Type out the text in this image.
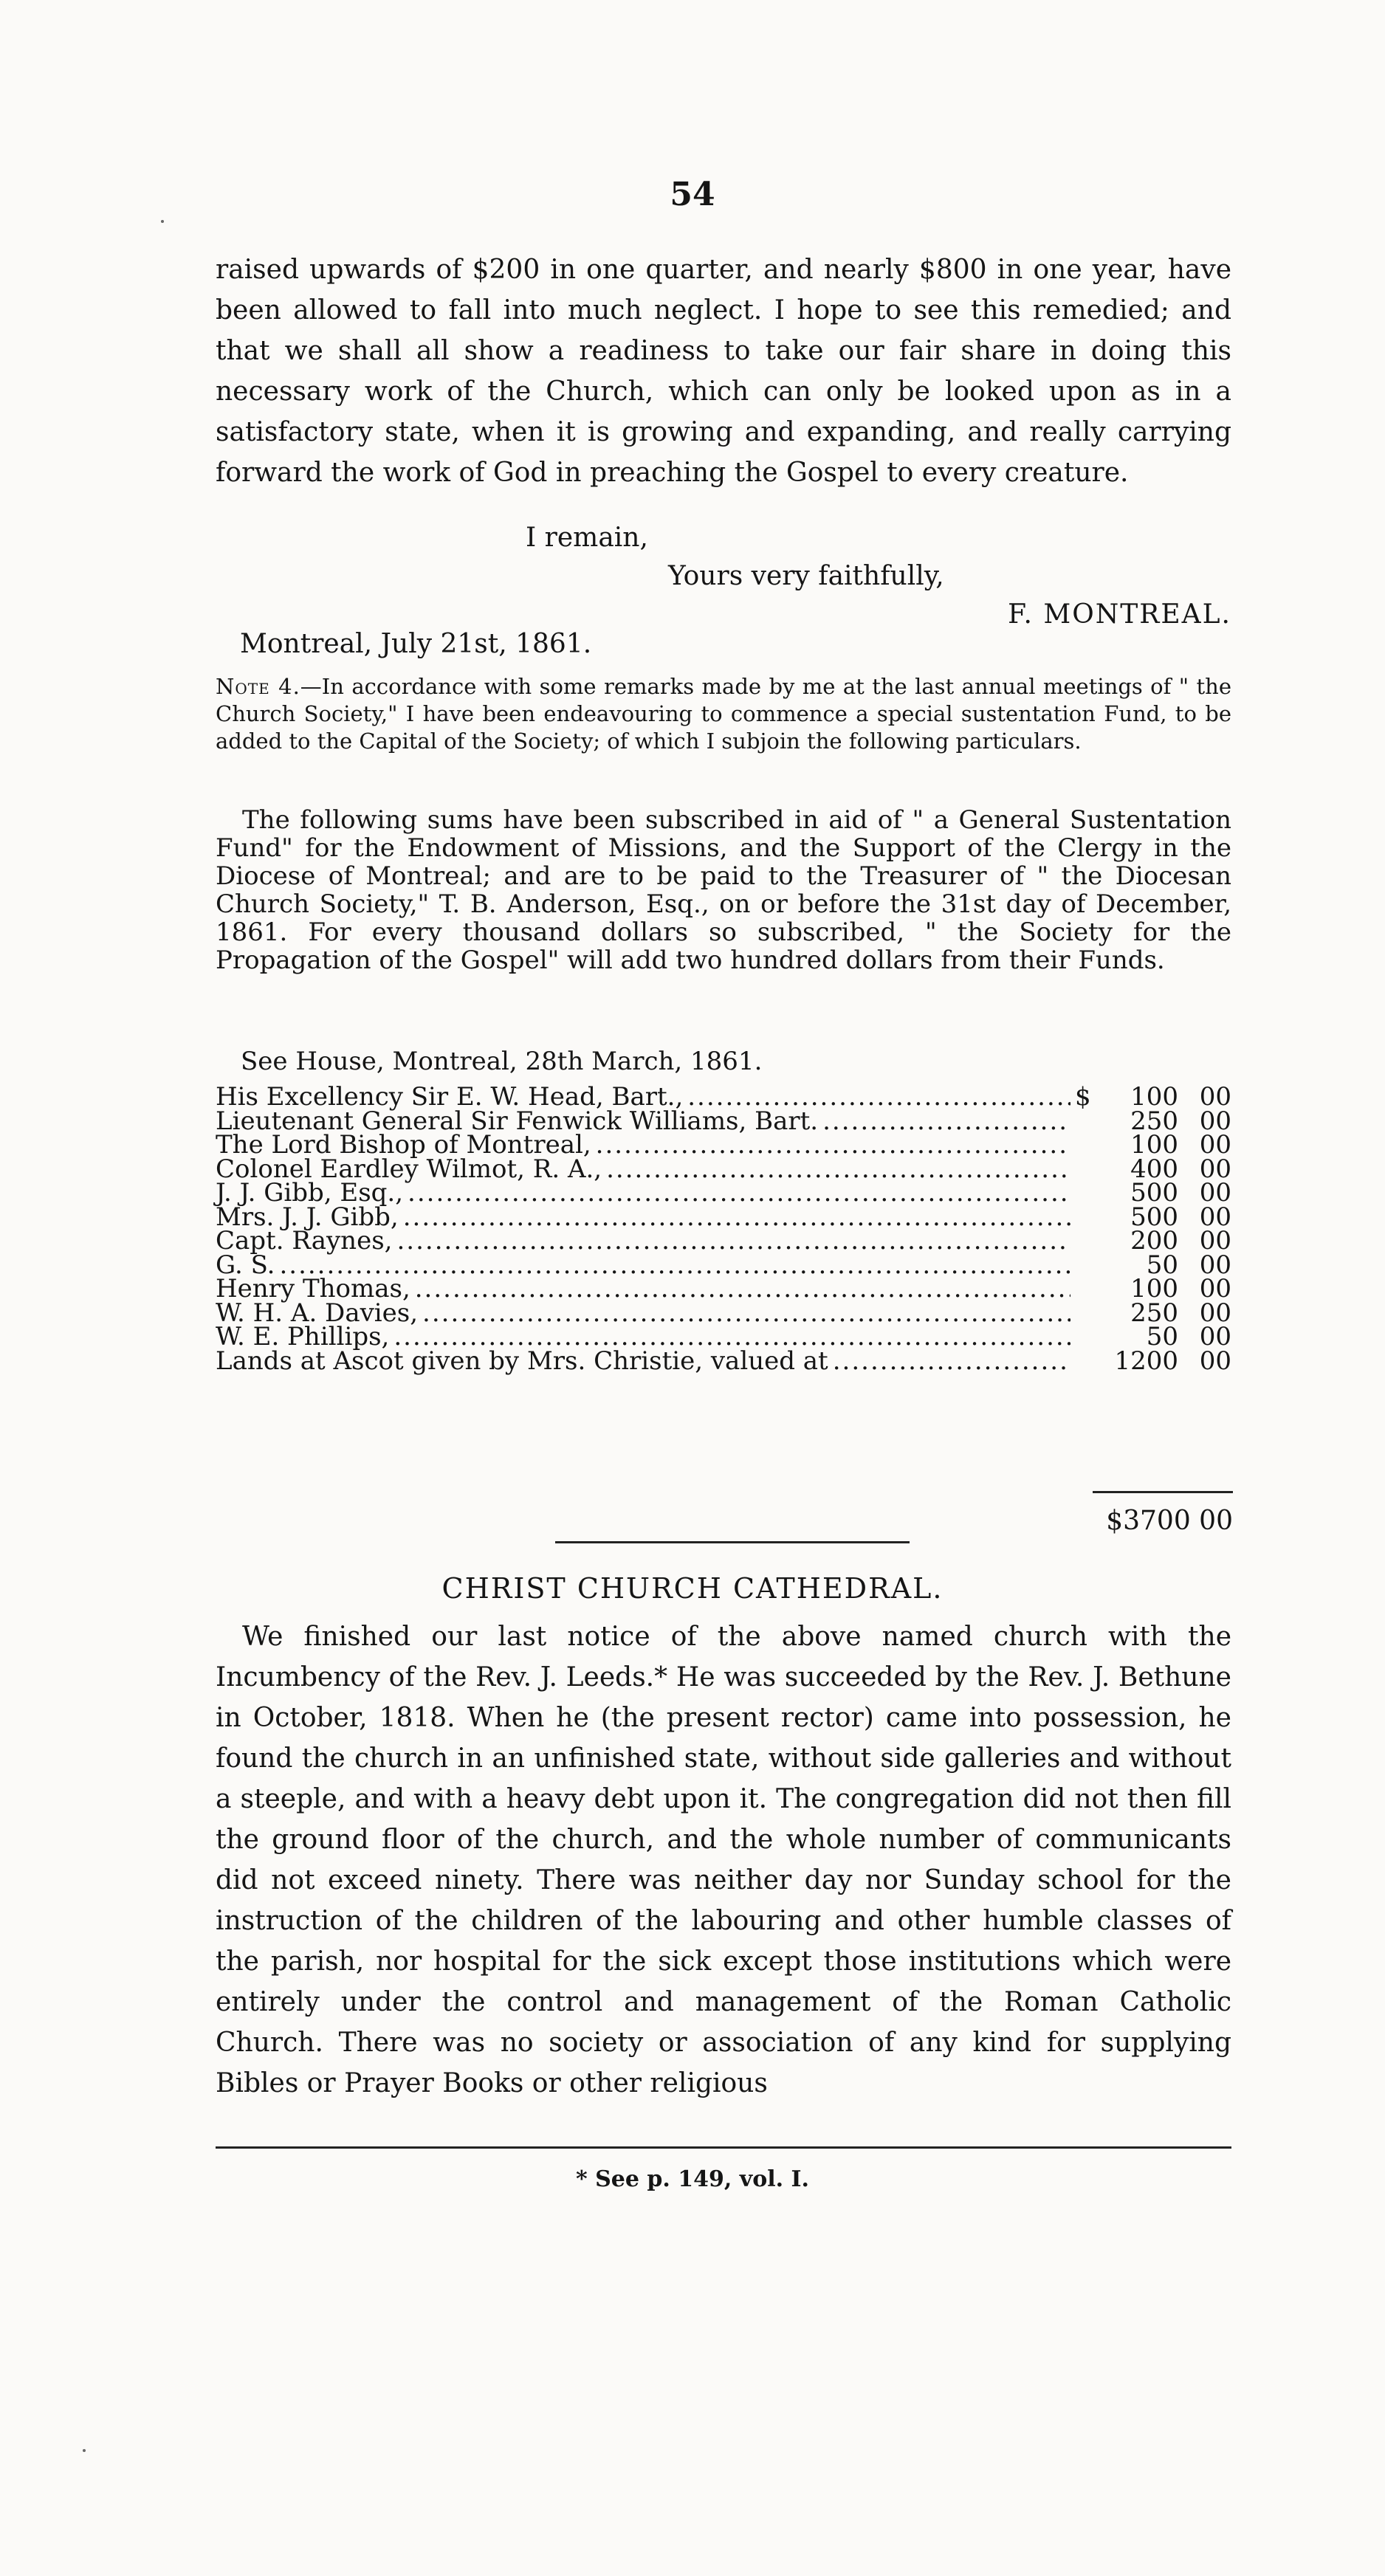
54

raised upwards of $200 in one quarter, and nearly $800 in one year, have been allowed to fall into much neglect. I hope to see this remedied; and that we shall all show a readiness to take our fair share in doing this necessary work of the Church, which can only be looked upon as in a satisfactory state, when it is growing and expanding, and really carrying forward the work of God in preaching the Gospel to every creature.

I remain,
Yours very faithfully,
F. MONTREAL.
Montreal, July 21st, 1861.
Note 4.—In accordance with some remarks made by me at the last annual meetings of " the Church Society," I have been endeavouring to commence a special sustentation Fund, to be added to the Capital of the Society; of which I subjoin the following particulars.

The following sums have been subscribed in aid of " a General Sustentation Fund" for the Endowment of Missions, and the Support of the Clergy in the Diocese of Montreal; and are to be paid to the Treasurer of " the Diocesan Church Society," T. B. Anderson, Esq., on or before the 31st day of December, 1861. For every thousand dollars so subscribed, " the Society for the Propagation of the Gospel" will add two hundred dollars from their Funds.

See House, Montreal, 28th March, 1861.
His Excellency Sir E. W. Head, Bart., .....	$	100 00
Lieutenant General Sir Fenwick Williams, Bart. .....	250 00
The Lord Bishop of Montreal, .....	100 00
Colonel Eardley Wilmot, R. A., .....	400 00
J. J. Gibb, Esq., .....	500 00
Mrs. J. J. Gibb, .....	500 00
Capt. Raynes, .....	200 00
G. S. .....	50 00
Henry Thomas, .....	100 00
W. H. A. Davies, .....	250 00
W. E. Phillips, .....	50 00
Lands at Ascot given by Mrs. Christie, valued at .....	1200 00
$3700 00
CHRIST CHURCH CATHEDRAL.

We finished our last notice of the above named church with the Incumbency of the Rev. J. Leeds.* He was succeeded by the Rev. J. Bethune in October, 1818. When he (the present rector) came into possession, he found the church in an unfinished state, without side galleries and without a steeple, and with a heavy debt upon it. The congregation did not then fill the ground floor of the church, and the whole number of communicants did not exceed ninety. There was neither day nor Sunday school for the instruction of the children of the labouring and other humble classes of the parish, nor hospital for the sick except those institutions which were entirely under the control and management of the Roman Catholic Church. There was no society or association of any kind for supplying Bibles or Prayer Books or other religious

* See p. 149, vol. I.
